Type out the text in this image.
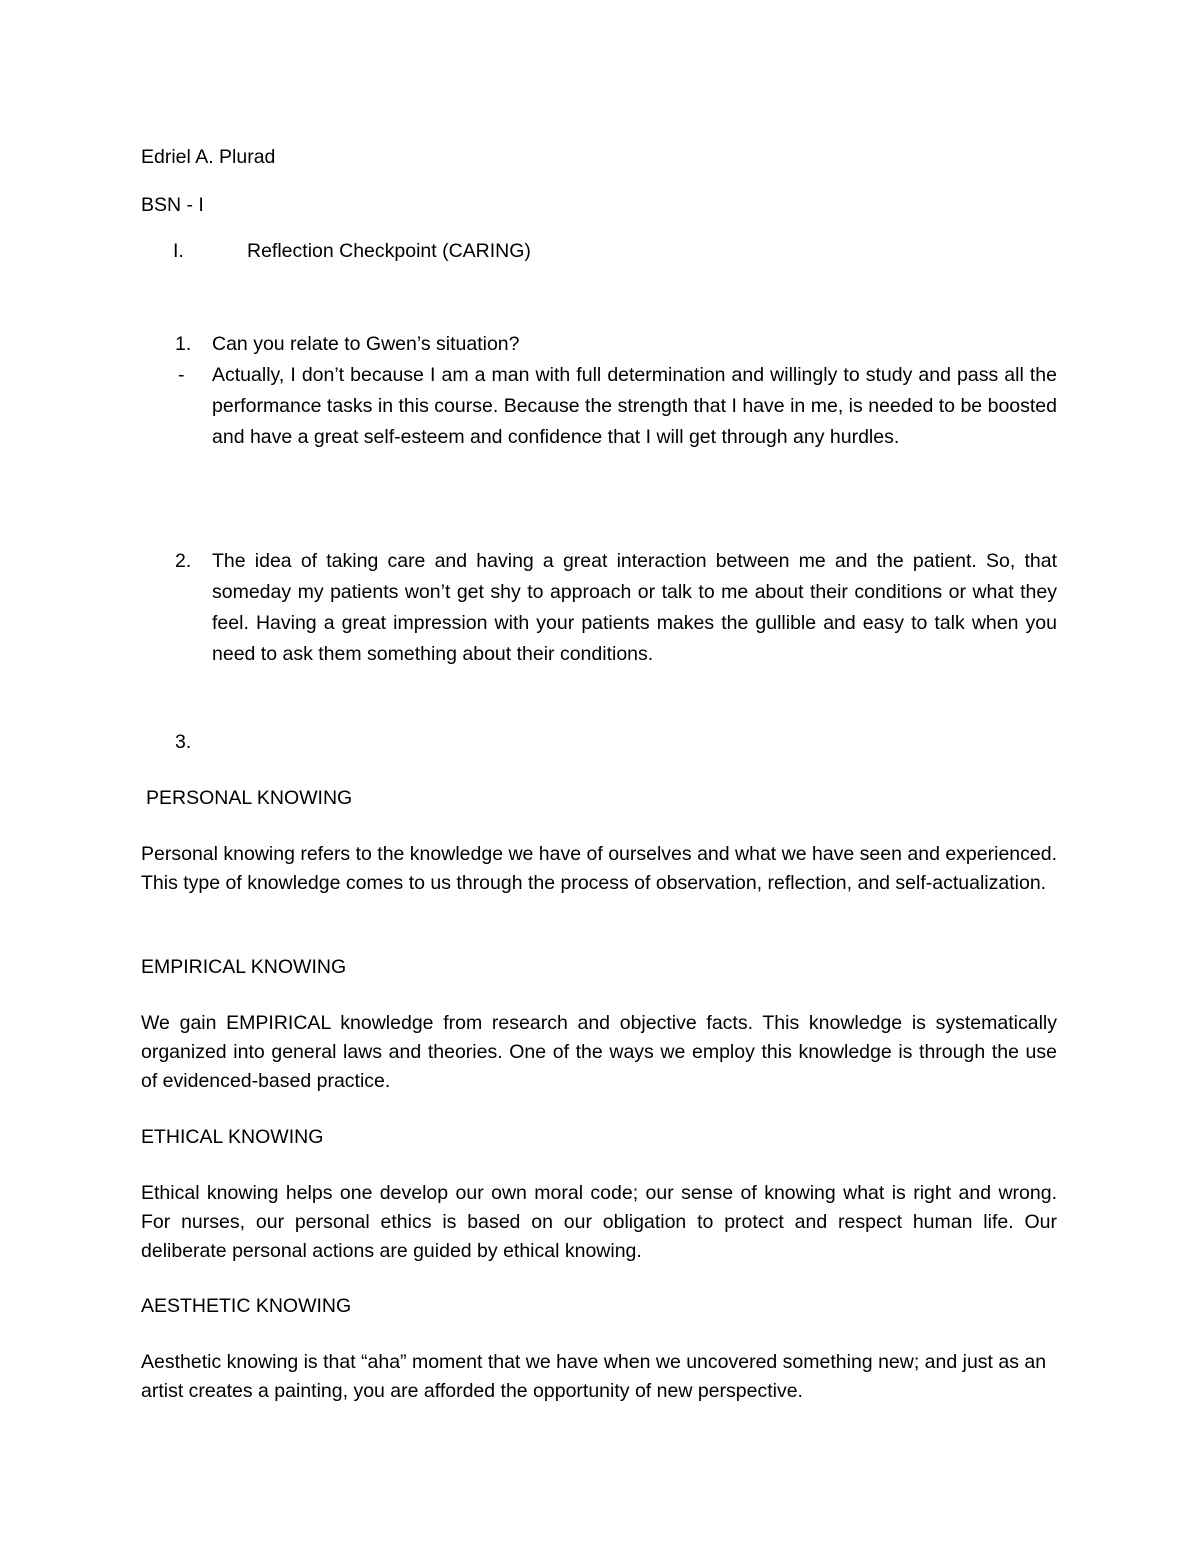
Edriel A. Plurad
BSN - I
I.	Reflection Checkpoint (CARING)
1. Can you relate to Gwen’s situation?
- Actually, I don’t because I am a man with full determination and willingly to study and pass all the performance tasks in this course. Because the strength that I have in me, is needed to be boosted and have a great self-esteem and confidence that I will get through any hurdles.
2. The idea of taking care and having a great interaction between me and the patient. So, that someday my patients won’t get shy to approach or talk to me about their conditions or what they feel. Having a great impression with your patients makes the gullible and easy to talk when you need to ask them something about their conditions.
3.
PERSONAL KNOWING
Personal knowing refers to the knowledge we have of ourselves and what we have seen and experienced. This type of knowledge comes to us through the process of observation, reflection, and self-actualization.
EMPIRICAL KNOWING
We gain EMPIRICAL knowledge from research and objective facts. This knowledge is systematically organized into general laws and theories. One of the ways we employ this knowledge is through the use of evidenced-based practice.
ETHICAL KNOWING
Ethical knowing helps one develop our own moral code; our sense of knowing what is right and wrong. For nurses, our personal ethics is based on our obligation to protect and respect human life. Our deliberate personal actions are guided by ethical knowing.
AESTHETIC KNOWING
Aesthetic knowing is that “aha” moment that we have when we uncovered something new; and just as an artist creates a painting, you are afforded the opportunity of new perspective.
